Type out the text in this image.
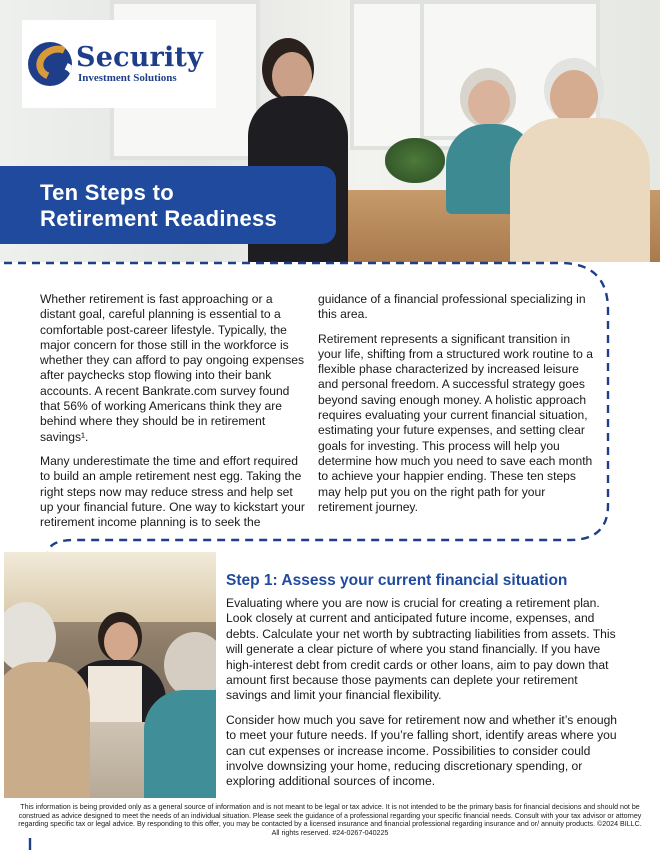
Security
Investment Solutions
Ten Steps to
Retirement Readiness

Whether retirement is fast approaching or a distant goal, careful planning is essential to a comfortable post-career lifestyle. Typically, the major concern for those still in the workforce is whether they can afford to pay ongoing expenses after paychecks stop flowing into their bank accounts. A recent Bankrate.com survey found that 56% of working Americans think they are behind where they should be in retirement savings¹.

Many underestimate the time and effort required to build an ample retirement nest egg. Taking the right steps now may reduce stress and help set up your financial future. One way to kickstart your retirement income planning is to seek the

guidance of a financial professional specializing in this area.

Retirement represents a significant transition in your life, shifting from a structured work routine to a flexible phase characterized by increased leisure and personal freedom. A successful strategy goes beyond saving enough money. A holistic approach requires evaluating your current financial situation, estimating your future expenses, and setting clear goals for investing. This process will help you determine how much you need to save each month to achieve your happier ending. These ten steps may help put you on the right path for your retirement journey.

Step 1: Assess your current financial situation

Evaluating where you are now is crucial for creating a retirement plan. Look closely at current and anticipated future income, expenses, and debts. Calculate your net worth by subtracting liabilities from assets. This will generate a clear picture of where you stand financially. If you have high-interest debt from credit cards or other loans, aim to pay down that amount first because those payments can deplete your retirement savings and limit your financial flexibility.

Consider how much you save for retirement now and whether it’s enough to meet your future needs. If you’re falling short, identify areas where you can cut expenses or increase income. Possibilities to consider could involve downsizing your home, reducing discretionary spending, or exploring additional sources of income.

This information is being provided only as a general source of information and is not meant to be legal or tax advice. It is not intended to be the primary basis for financial decisions and should not be construed as advice designed to meet the needs of an individual situation. Please seek the guidance of a professional regarding your specific financial needs. Consult with your tax advisor or attorney regarding specific tax or legal advice. By responding to this offer, you may be contacted by a licensed insurance and financial professional regarding insurance and or/ annuity products. ©2024 BILLC. All rights reserved. #24-0267-040225
